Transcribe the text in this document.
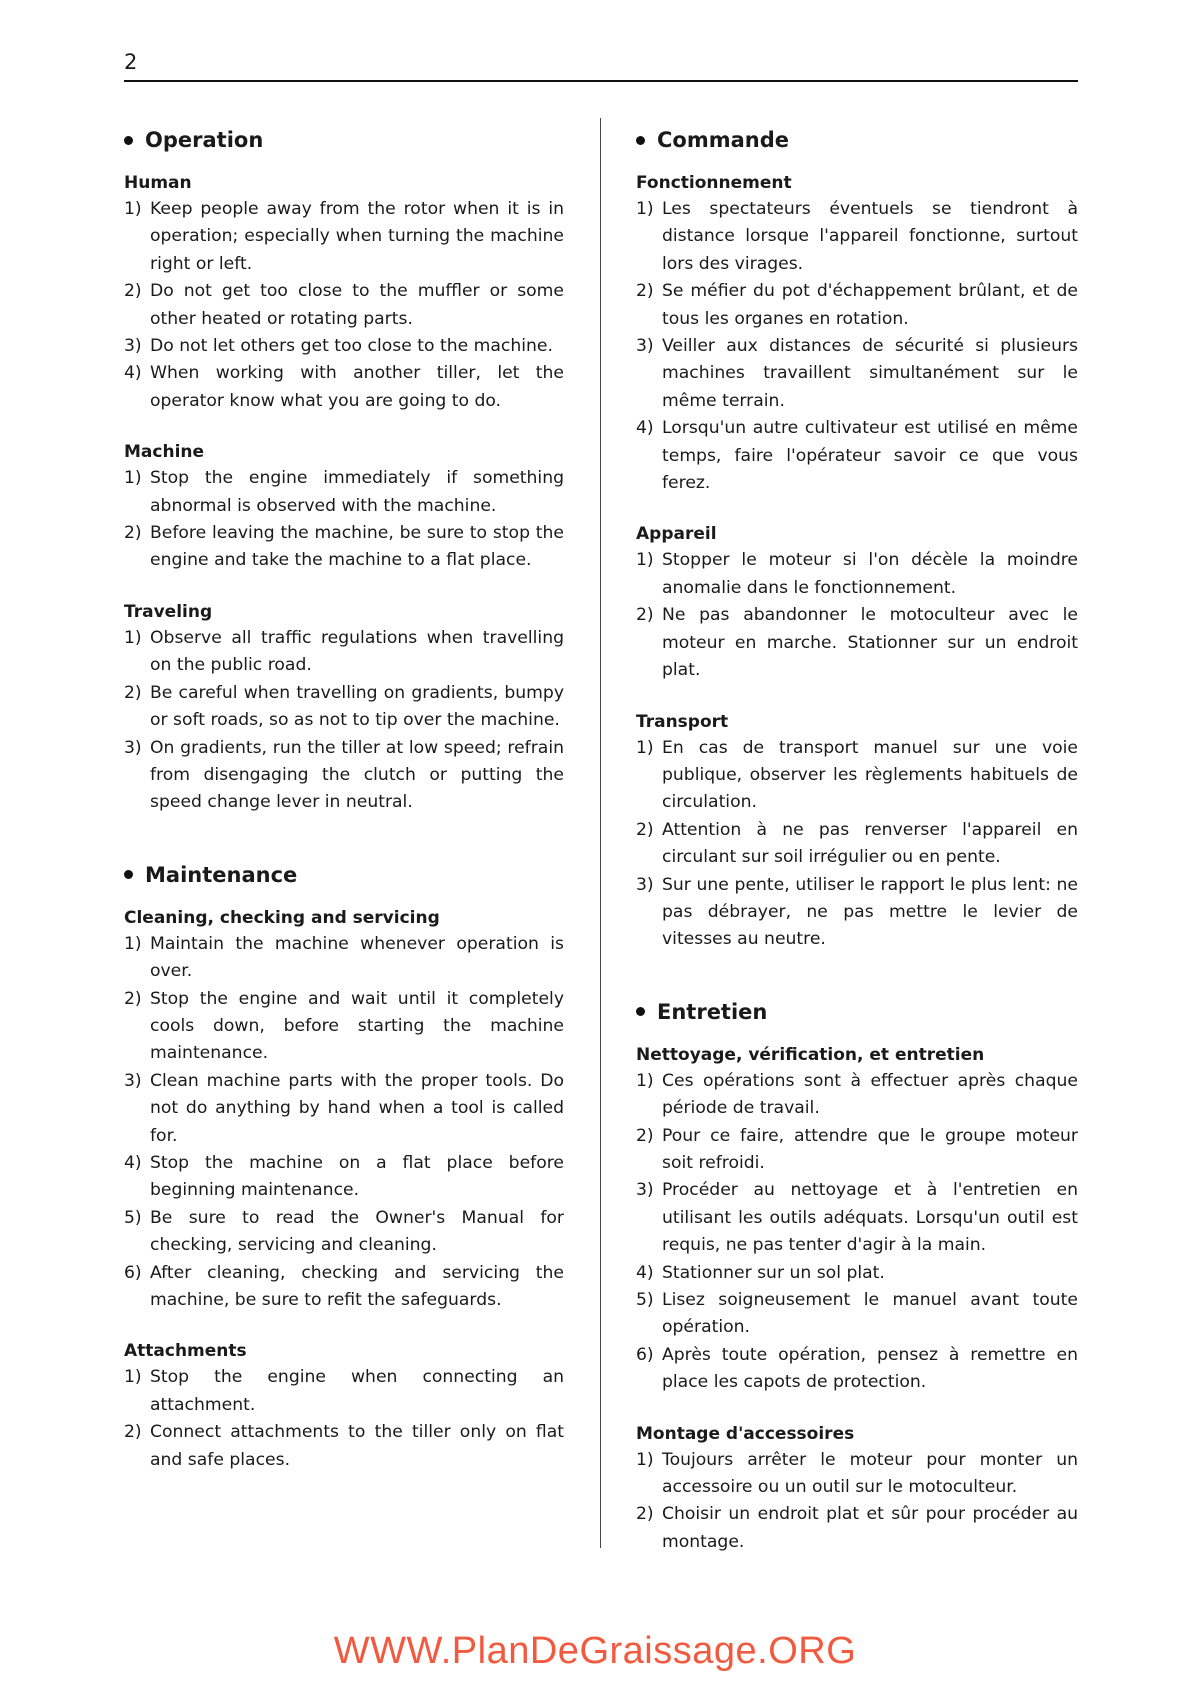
2
Operation
Human
1) Keep people away from the rotor when it is in operation; especially when turning the machine right or left.
2) Do not get too close to the muffler or some other heated or rotating parts.
3) Do not let others get too close to the machine.
4) When working with another tiller, let the operator know what you are going to do.
Machine
1) Stop the engine immediately if something abnormal is observed with the machine.
2) Before leaving the machine, be sure to stop the engine and take the machine to a flat place.
Traveling
1) Observe all traffic regulations when travelling on the public road.
2) Be careful when travelling on gradients, bumpy or soft roads, so as not to tip over the machine.
3) On gradients, run the tiller at low speed; refrain from disengaging the clutch or putting the speed change lever in neutral.
Maintenance
Cleaning, checking and servicing
1) Maintain the machine whenever operation is over.
2) Stop the engine and wait until it completely cools down, before starting the machine maintenance.
3) Clean machine parts with the proper tools. Do not do anything by hand when a tool is called for.
4) Stop the machine on a flat place before beginning maintenance.
5) Be sure to read the Owner's Manual for checking, servicing and cleaning.
6) After cleaning, checking and servicing the machine, be sure to refit the safeguards.
Attachments
1) Stop the engine when connecting an attachment.
2) Connect attachments to the tiller only on flat and safe places.
Commande
Fonctionnement
1) Les spectateurs éventuels se tiendront à distance lorsque l'appareil fonctionne, surtout lors des virages.
2) Se méfier du pot d'échappement brûlant, et de tous les organes en rotation.
3) Veiller aux distances de sécurité si plusieurs machines travaillent simultanément sur le même terrain.
4) Lorsqu'un autre cultivateur est utilisé en même temps, faire l'opérateur savoir ce que vous ferez.
Appareil
1) Stopper le moteur si l'on décèle la moindre anomalie dans le fonctionnement.
2) Ne pas abandonner le motoculteur avec le moteur en marche. Stationner sur un endroit plat.
Transport
1) En cas de transport manuel sur une voie publique, observer les règlements habituels de circulation.
2) Attention à ne pas renverser l'appareil en circulant sur soil irrégulier ou en pente.
3) Sur une pente, utiliser le rapport le plus lent: ne pas débrayer, ne pas mettre le levier de vitesses au neutre.
Entretien
Nettoyage, vérification, et entretien
1) Ces opérations sont à effectuer après chaque période de travail.
2) Pour ce faire, attendre que le groupe moteur soit refroidi.
3) Procéder au nettoyage et à l'entretien en utilisant les outils adéquats. Lorsqu'un outil est requis, ne pas tenter d'agir à la main.
4) Stationner sur un sol plat.
5) Lisez soigneusement le manuel avant toute opération.
6) Après toute opération, pensez à remettre en place les capots de protection.
Montage d'accessoires
1) Toujours arrêter le moteur pour monter un accessoire ou un outil sur le motoculteur.
2) Choisir un endroit plat et sûr pour procéder au montage.
WWW.PlanDeGraissage.ORG
